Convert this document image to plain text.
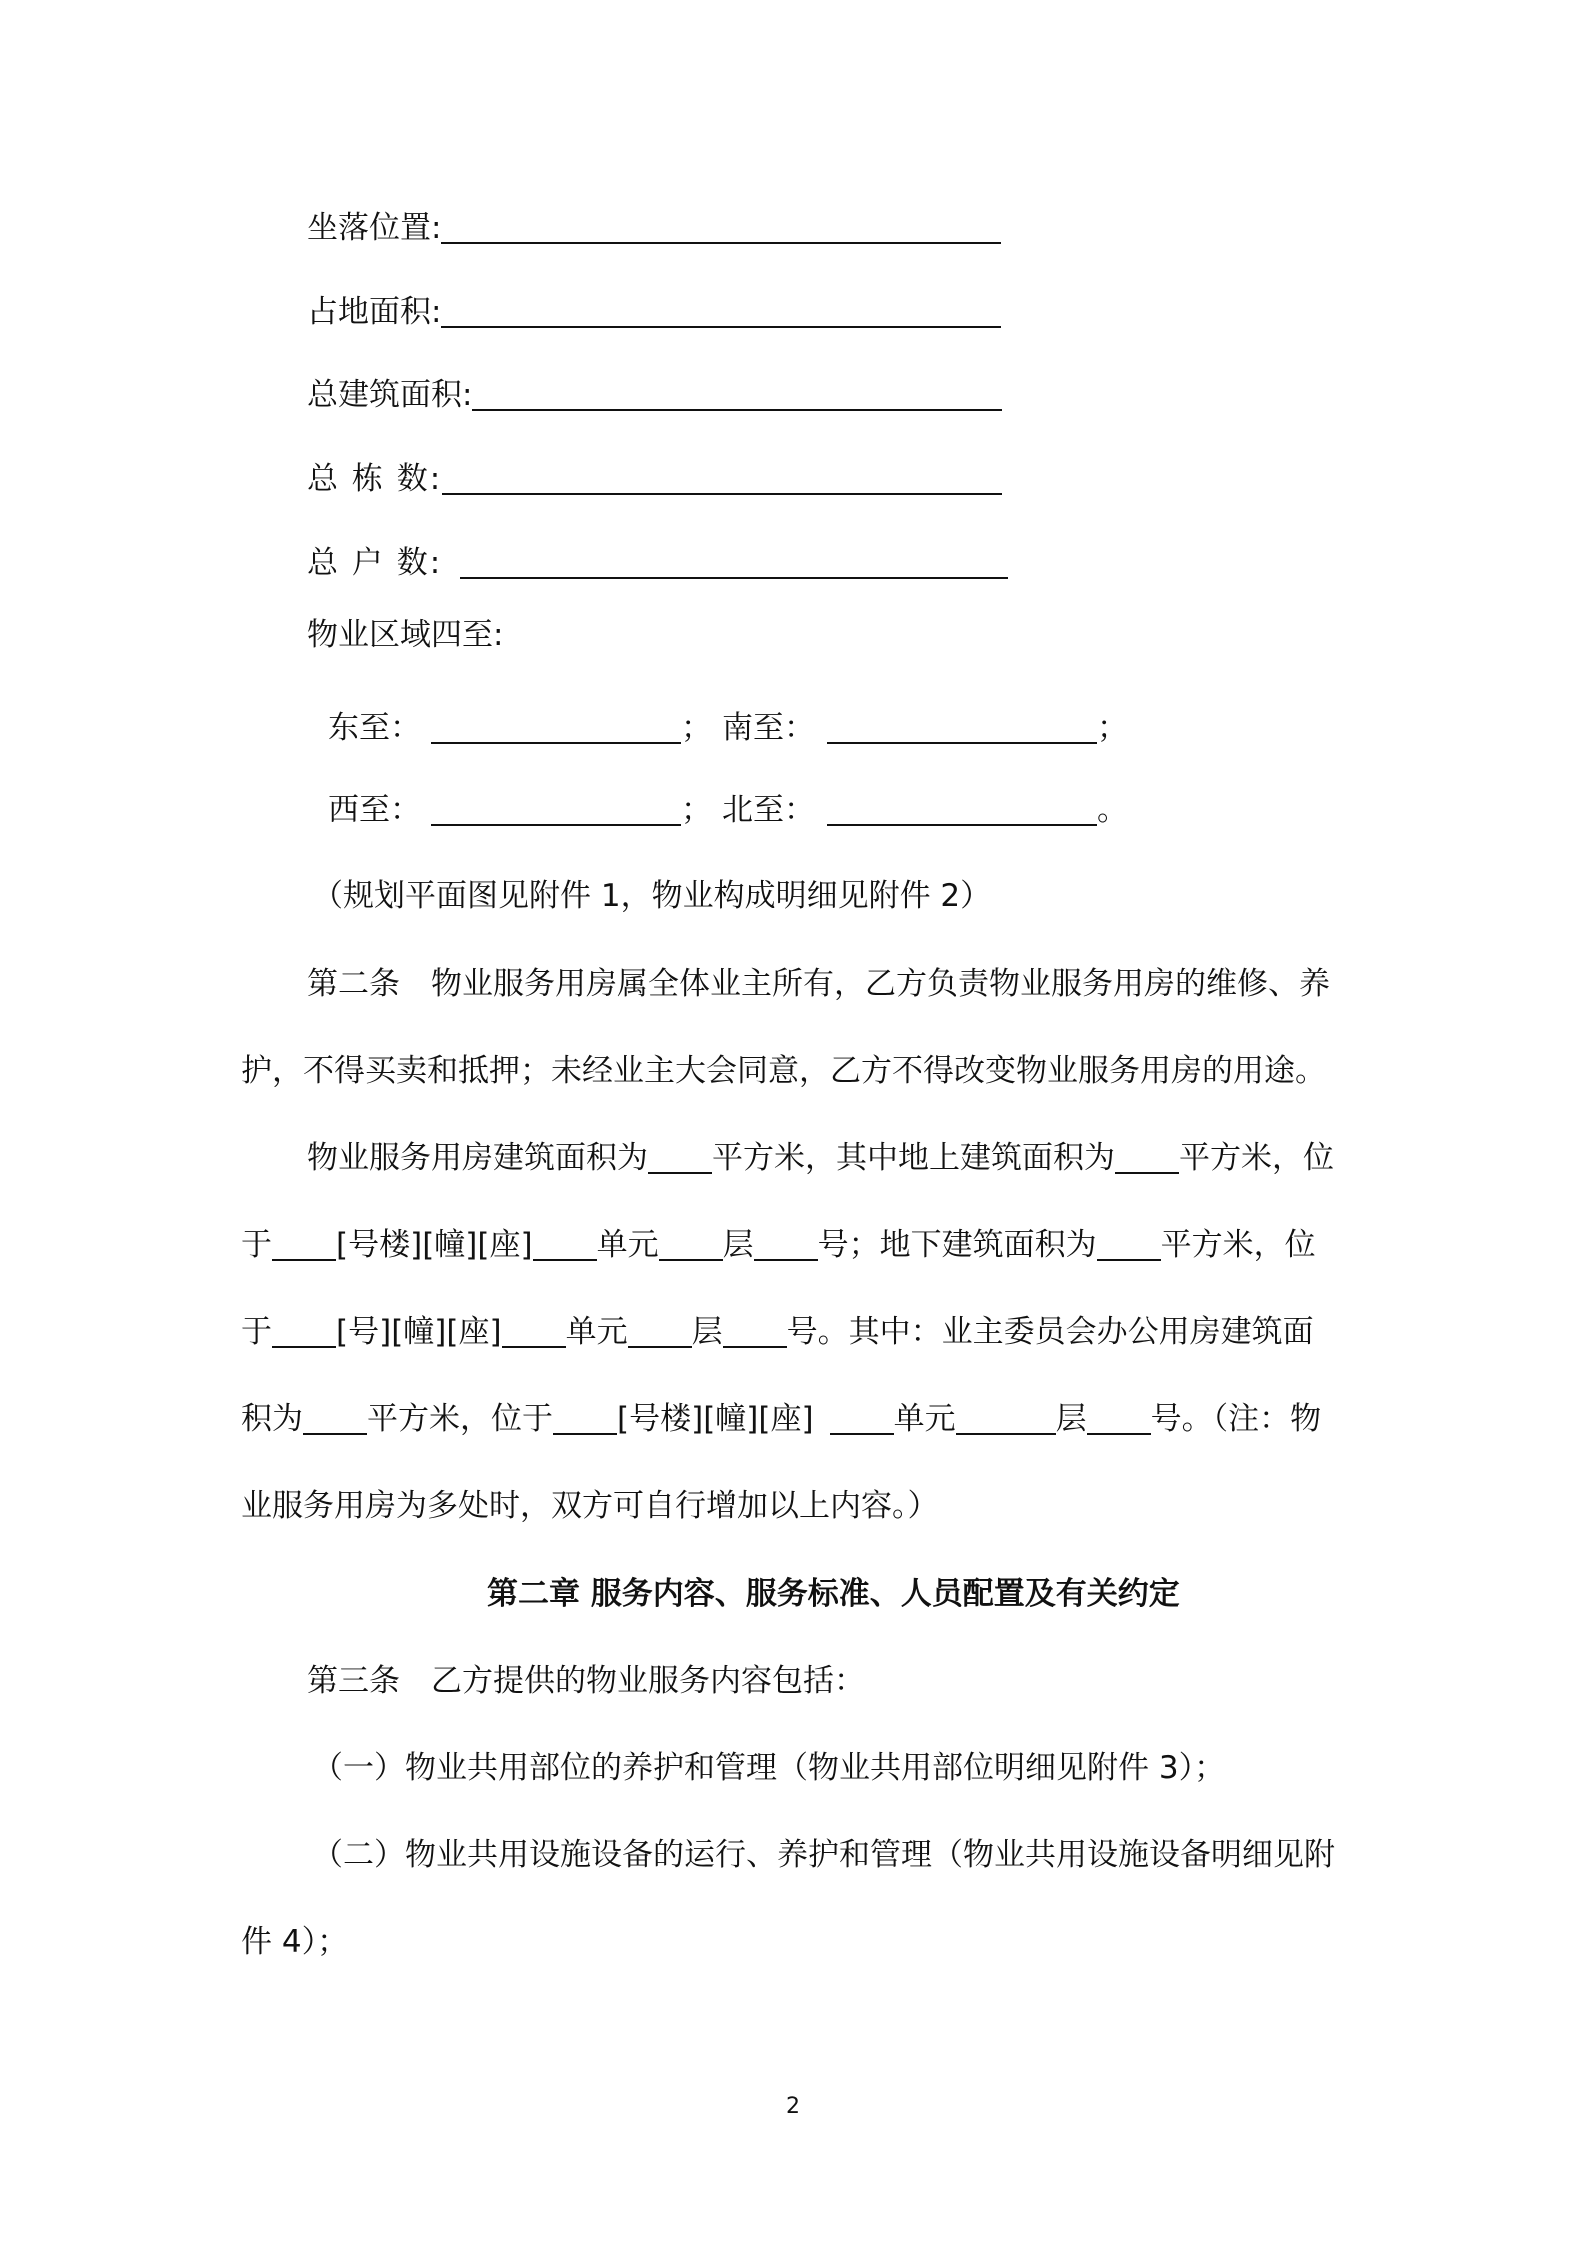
坐落位置:
占地面积:
总建筑面积:
总 栋 数:
总 户 数:
物业区域四至:
东至：	； 南至：	；
西至：	； 北至：	。
（规划平面图见附件 1，物业构成明细见附件 2）
第二条　物业服务用房属全体业主所有，乙方负责物业服务用房的维修、养
护，不得买卖和抵押；未经业主大会同意，乙方不得改变物业服务用房的用途。
物业服务用房建筑面积为 平方米，其中地上建筑面积为 平方米，位
于 [号楼][幢][座] 单元 层 号；地下建筑面积为 平方米，位
于 [号][幢][座] 单元 层 号。其中：业主委员会办公用房建筑面
积为 平方米，位于 [号楼][幢][座]	单元	层 号。（注：物
业服务用房为多处时，双方可自行增加以上内容。）
第二章 服务内容、服务标准、人员配置及有关约定
第三条　乙方提供的物业服务内容包括：
（一）物业共用部位的养护和管理（物业共用部位明细见附件 3）；
（二）物业共用设施设备的运行、养护和管理（物业共用设施设备明细见附
件 4）；
2
